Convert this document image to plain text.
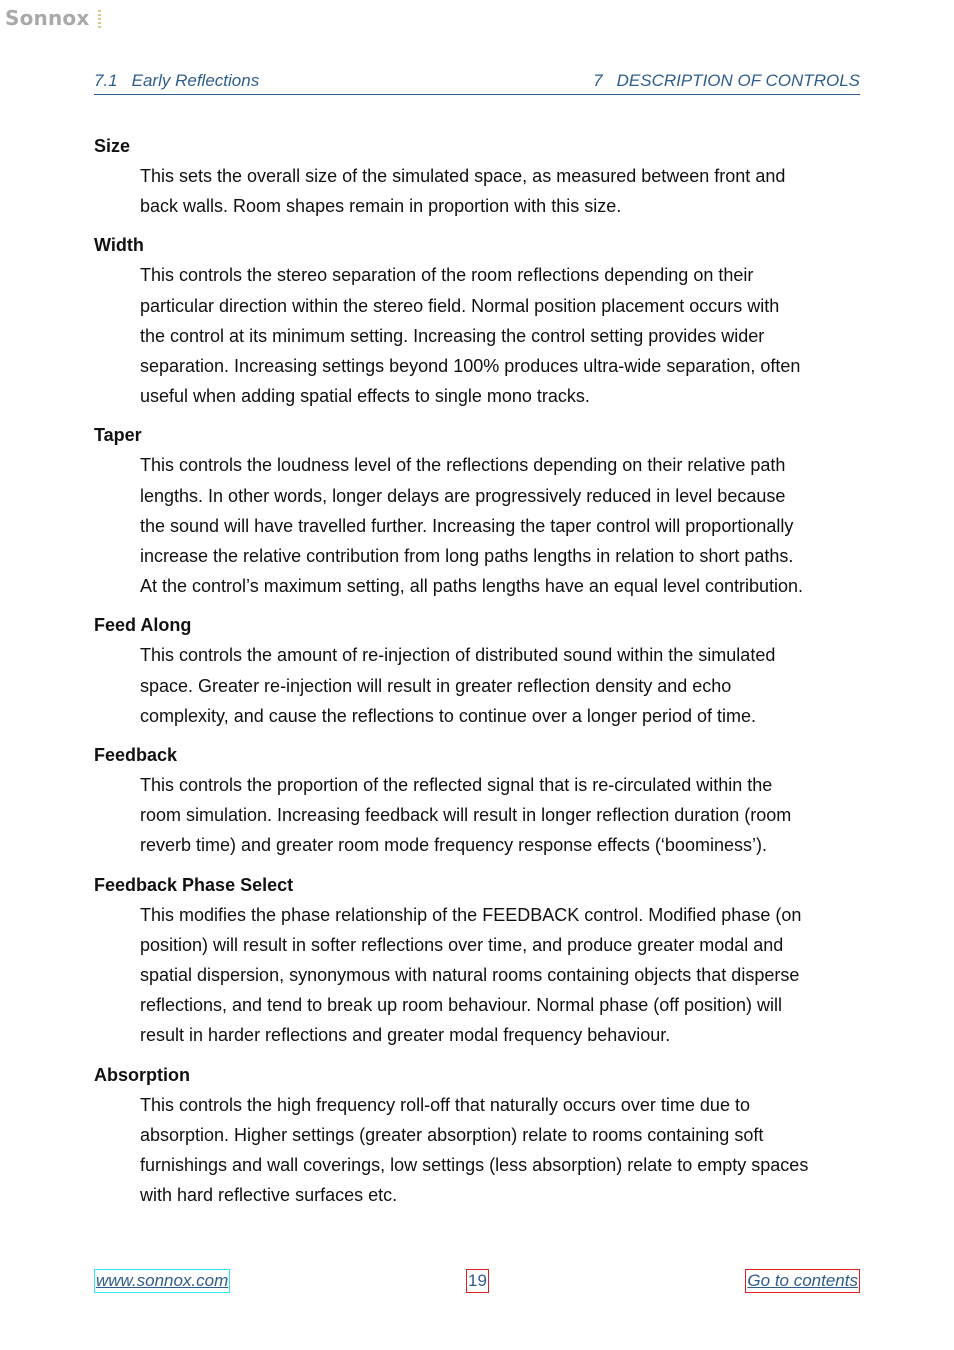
Sonnox
7.1 Early Reflections	7 DESCRIPTION OF CONTROLS
Size
This sets the overall size of the simulated space, as measured between front and
back walls. Room shapes remain in proportion with this size.
Width
This controls the stereo separation of the room reflections depending on their
particular direction within the stereo field. Normal position placement occurs with
the control at its minimum setting. Increasing the control setting provides wider
separation. Increasing settings beyond 100% produces ultra-wide separation, often
useful when adding spatial effects to single mono tracks.
Taper
This controls the loudness level of the reflections depending on their relative path
lengths. In other words, longer delays are progressively reduced in level because
the sound will have travelled further. Increasing the taper control will proportionally
increase the relative contribution from long paths lengths in relation to short paths.
At the control’s maximum setting, all paths lengths have an equal level contribution.
Feed Along
This controls the amount of re-injection of distributed sound within the simulated
space. Greater re-injection will result in greater reflection density and echo
complexity, and cause the reflections to continue over a longer period of time.
Feedback
This controls the proportion of the reflected signal that is re-circulated within the
room simulation. Increasing feedback will result in longer reflection duration (room
reverb time) and greater room mode frequency response effects (‘boominess’).
Feedback Phase Select
This modifies the phase relationship of the FEEDBACK control. Modified phase (on
position) will result in softer reflections over time, and produce greater modal and
spatial dispersion, synonymous with natural rooms containing objects that disperse
reflections, and tend to break up room behaviour. Normal phase (off position) will
result in harder reflections and greater modal frequency behaviour.
Absorption
This controls the high frequency roll-off that naturally occurs over time due to
absorption. Higher settings (greater absorption) relate to rooms containing soft
furnishings and wall coverings, low settings (less absorption) relate to empty spaces
with hard reflective surfaces etc.
www.sonnox.com	19	Go to contents
